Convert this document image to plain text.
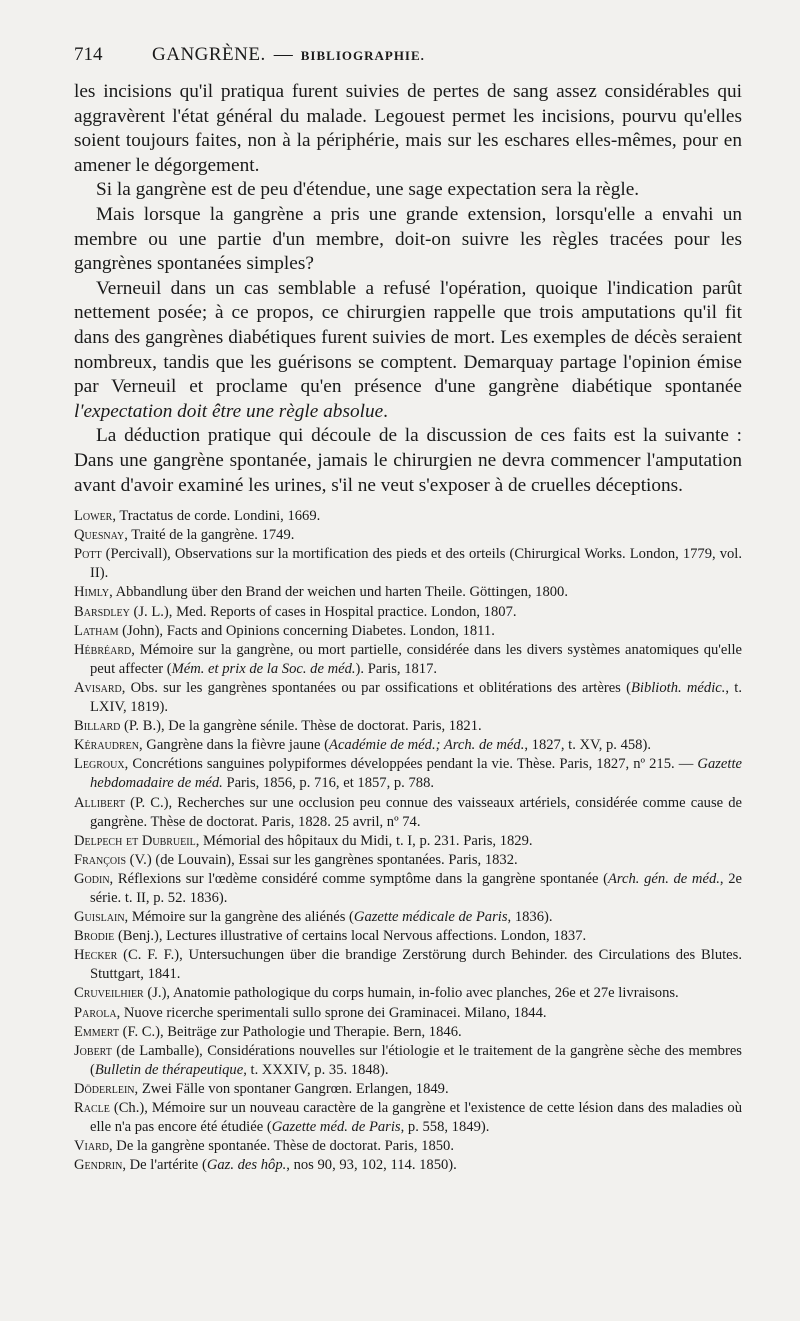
714	GANGRÈNE. — BIBLIOGRAPHIE.

les incisions qu'il pratiqua furent suivies de pertes de sang assez considérables qui aggravèrent l'état général du malade. Legouest permet les incisions, pourvu qu'elles soient toujours faites, non à la périphérie, mais sur les eschares elles-mêmes, pour en amener le dégorgement.

Si la gangrène est de peu d'étendue, une sage expectation sera la règle.

Mais lorsque la gangrène a pris une grande extension, lorsqu'elle a envahi un membre ou une partie d'un membre, doit-on suivre les règles tracées pour les gangrènes spontanées simples?

Verneuil dans un cas semblable a refusé l'opération, quoique l'indication parût nettement posée; à ce propos, ce chirurgien rappelle que trois amputations qu'il fit dans des gangrènes diabétiques furent suivies de mort. Les exemples de décès seraient nombreux, tandis que les guérisons se comptent. Demarquay partage l'opinion émise par Verneuil et proclame qu'en présence d'une gangrène diabétique spontanée l'expectation doit être une règle absolue.

La déduction pratique qui découle de la discussion de ces faits est la suivante : Dans une gangrène spontanée, jamais le chirurgien ne devra commencer l'amputation avant d'avoir examiné les urines, s'il ne veut s'exposer à de cruelles déceptions.

Lower, Tractatus de corde. Londini, 1669.
Quesnay, Traité de la gangrène. 1749.
Pott (Percivall), Observations sur la mortification des pieds et des orteils (Chirurgical Works. London, 1779, vol. II).
Himly, Abbandlung über den Brand der weichen und harten Theile. Göttingen, 1800.
Barsdley (J. L.), Med. Reports of cases in Hospital practice. London, 1807.
Latham (John), Facts and Opinions concerning Diabetes. London, 1811.
Hébréard, Mémoire sur la gangrène, ou mort partielle, considérée dans les divers systèmes anatomiques qu'elle peut affecter (Mém. et prix de la Soc. de méd.). Paris, 1817.
Avisard, Obs. sur les gangrènes spontanées ou par ossifications et oblitérations des artères (Biblioth. médic., t. LXIV, 1819).
Billard (P. B.), De la gangrène sénile. Thèse de doctorat. Paris, 1821.
Kéraudren, Gangrène dans la fièvre jaune (Académie de méd.; Arch. de méd., 1827, t. XV, p. 458).
Legroux, Concrétions sanguines polypiformes développées pendant la vie. Thèse. Paris, 1827, nº 215. — Gazette hebdomadaire de méd. Paris, 1856, p. 716, et 1857, p. 788.
Allibert (P. C.), Recherches sur une occlusion peu connue des vaisseaux artériels, considérée comme cause de gangrène. Thèse de doctorat. Paris, 1828. 25 avril, nº 74.
Delpech et Dubrueil, Mémorial des hôpitaux du Midi, t. I, p. 231. Paris, 1829.
François (V.) (de Louvain), Essai sur les gangrènes spontanées. Paris, 1832.
Godin, Réflexions sur l'œdème considéré comme symptôme dans la gangrène spontanée (Arch. gén. de méd., 2e série. t. II, p. 52. 1836).
Guislain, Mémoire sur la gangrène des aliénés (Gazette médicale de Paris, 1836).
Brodie (Benj.), Lectures illustrative of certains local Nervous affections. London, 1837.
Hecker (C. F. F.), Untersuchungen über die brandige Zerstörung durch Behinder. des Circulations des Blutes. Stuttgart, 1841.
Cruveilhier (J.), Anatomie pathologique du corps humain, in-folio avec planches, 26e et 27e livraisons.
Parola, Nuove ricerche sperimentali sullo sprone dei Graminacei. Milano, 1844.
Emmert (F. C.), Beiträge zur Pathologie und Therapie. Bern, 1846.
Jobert (de Lamballe), Considérations nouvelles sur l'étiologie et le traitement de la gangrène sèche des membres (Bulletin de thérapeutique, t. XXXIV, p. 35. 1848).
Döderlein, Zwei Fälle von spontaner Gangrœn. Erlangen, 1849.
Racle (Ch.), Mémoire sur un nouveau caractère de la gangrène et l'existence de cette lésion dans des maladies où elle n'a pas encore été étudiée (Gazette méd. de Paris, p. 558, 1849).
Viard, De la gangrène spontanée. Thèse de doctorat. Paris, 1850.
Gendrin, De l'artérite (Gaz. des hôp., nos 90, 93, 102, 114. 1850).
